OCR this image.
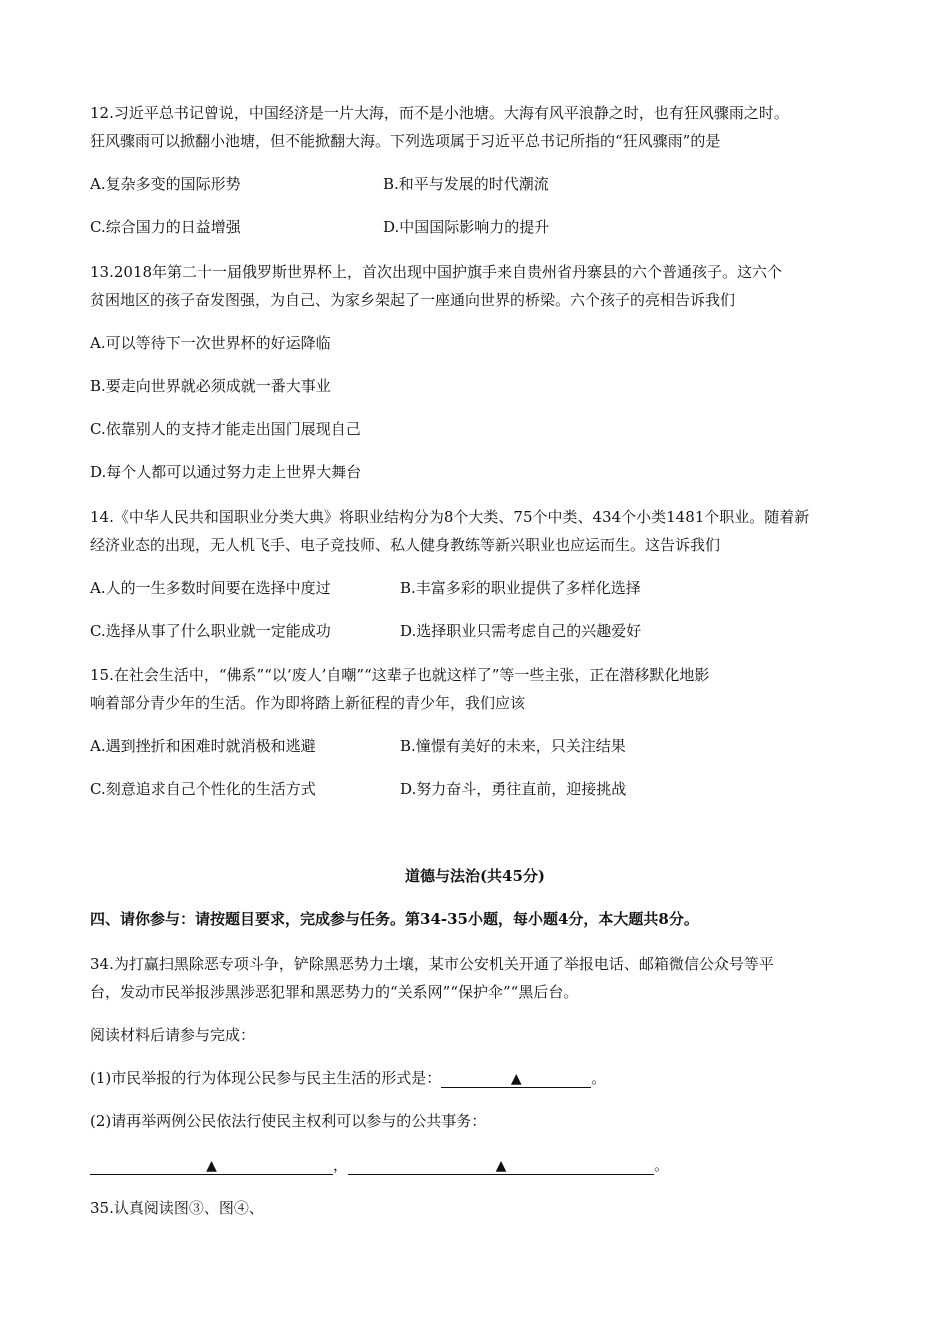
12.习近平总书记曾说，中国经济是一片大海，而不是小池塘。大海有风平浪静之时，也有狂风骤雨之时。
狂风骤雨可以掀翻小池塘，但不能掀翻大海。下列选项属于习近平总书记所指的“狂风骤雨”的是
A.复杂多变的国际形势	B.和平与发展的时代潮流
C.综合国力的日益增强	D.中国国际影响力的提升
13.2018年第二十一届俄罗斯世界杯上，首次出现中国护旗手来自贵州省丹寨县的六个普通孩子。这六个
贫困地区的孩子奋发图强，为自己、为家乡架起了一座通向世界的桥梁。六个孩子的亮相告诉我们
A.可以等待下一次世界杯的好运降临
B.要走向世界就必须成就一番大事业
C.依靠别人的支持才能走出国门展现自己
D.每个人都可以通过努力走上世界大舞台
14.《中华人民共和国职业分类大典》将职业结构分为8个大类、75个中类、434个小类1481个职业。随着新
经济业态的出现，无人机飞手、电子竞技师、私人健身教练等新兴职业也应运而生。这告诉我们
A.人的一生多数时间要在选择中度过	B.丰富多彩的职业提供了多样化选择
C.选择从事了什么职业就一定能成功	D.选择职业只需考虑自己的兴趣爱好
15.在社会生活中，“佛系”“以‘废人’自嘲”“这辈子也就这样了”等一些主张，正在潜移默化地影
响着部分青少年的生活。作为即将踏上新征程的青少年，我们应该
A.遇到挫折和困难时就消极和逃避	B.憧憬有美好的未来，只关注结果
C.刻意追求自己个性化的生活方式	D.努力奋斗，勇往直前，迎接挑战
道德与法治(共45分)
四、请你参与：请按题目要求，完成参与任务。第34-35小题，每小题4分，本大题共8分。
34.为打赢扫黑除恶专项斗争，铲除黑恶势力土壤，某市公安机关开通了举报电话、邮箱微信公众号等平
台，发动市民举报涉黑涉恶犯罪和黑恶势力的“关系网”“保护伞”“黑后台。
阅读材料后请参与完成：
(1)市民举报的行为体现公民参与民主生活的形式是：	▲	。
(2)请再举两例公民依法行使民主权利可以参与的公共事务：
▲	，	▲	。
35.认真阅读图③、图④、
